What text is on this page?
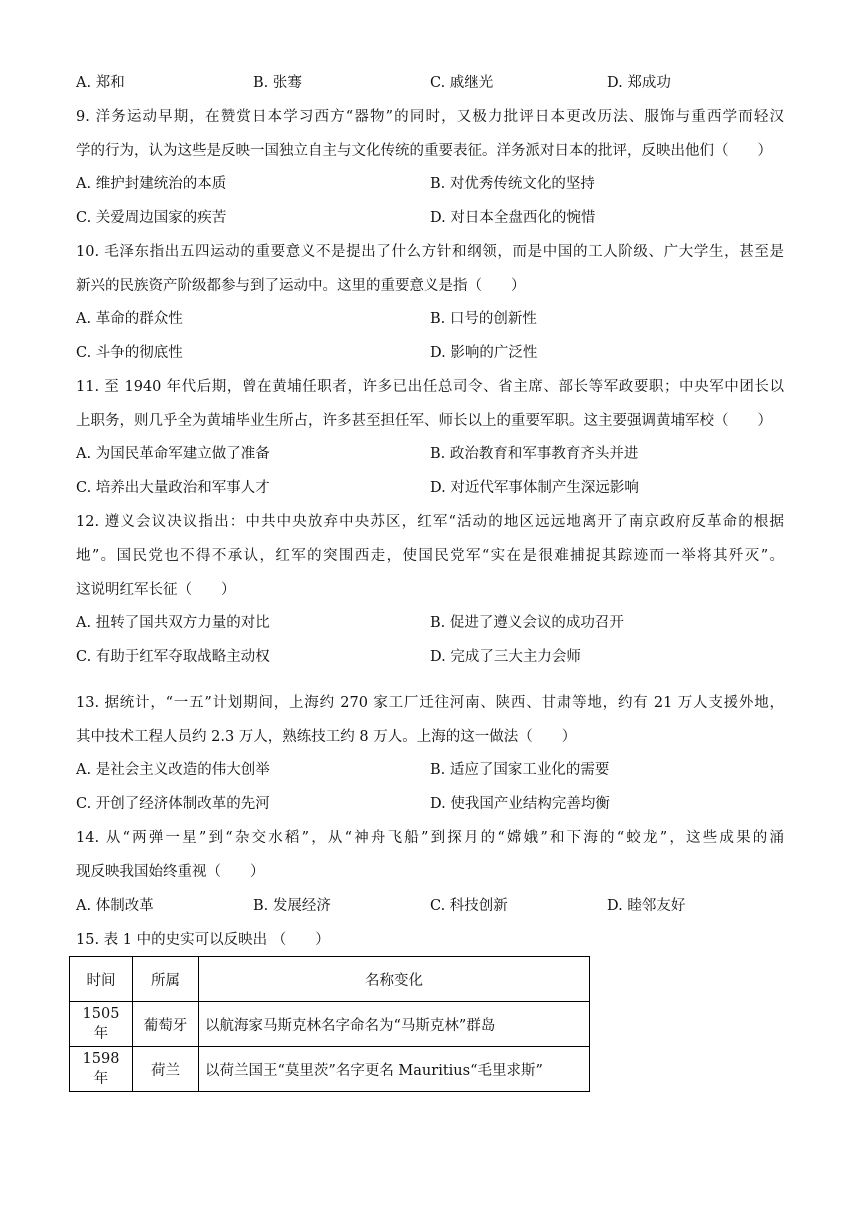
A. 郑和	B. 张骞	C. 戚继光	D. 郑成功
9. 洋务运动早期，在赞赏日本学习西方“器物”的同时，又极力批评日本更改历法、服饰与重西学而轻汉
学的行为，认为这些是反映一国独立自主与文化传统的重要表征。洋务派对日本的批评，反映出他们（　　）
A. 维护封建统治的本质	B. 对优秀传统文化的坚持
C. 关爱周边国家的疾苦	D. 对日本全盘西化的惋惜
10. 毛泽东指出五四运动的重要意义不是提出了什么方针和纲领，而是中国的工人阶级、广大学生，甚至是
新兴的民族资产阶级都参与到了运动中。这里的重要意义是指（　　）
A. 革命的群众性	B. 口号的创新性
C. 斗争的彻底性	D. 影响的广泛性
11. 至 1940 年代后期，曾在黄埔任职者，许多已出任总司令、省主席、部长等军政要职；中央军中团长以
上职务，则几乎全为黄埔毕业生所占，许多甚至担任军、师长以上的重要军职。这主要强调黄埔军校（　　）
A. 为国民革命军建立做了准备	B. 政治教育和军事教育齐头并进
C. 培养出大量政治和军事人才	D. 对近代军事体制产生深远影响
12. 遵义会议决议指出：中共中央放弃中央苏区，红军“活动的地区远远地离开了南京政府反革命的根据
地”。国民党也不得不承认，红军的突围西走，使国民党军“实在是很难捕捉其踪迹而一举将其歼灭”。
这说明红军长征（　　）
A. 扭转了国共双方力量的对比	B. 促进了遵义会议的成功召开
C. 有助于红军夺取战略主动权	D. 完成了三大主力会师
13. 据统计，“一五”计划期间，上海约 270 家工厂迁往河南、陕西、甘肃等地，约有 21 万人支援外地，
其中技术工程人员约 2.3 万人，熟练技工约 8 万人。上海的这一做法（　　）
A. 是社会主义改造的伟大创举	B. 适应了国家工业化的需要
C. 开创了经济体制改革的先河	D. 使我国产业结构完善均衡
14. 从“两弹一星”到“杂交水稻”，从“神舟飞船”到探月的“嫦娥”和下海的“蛟龙”，这些成果的涌
现反映我国始终重视（　　）
A. 体制改革	B. 发展经济	C. 科技创新	D. 睦邻友好
15. 表 1 中的史实可以反映出 （　　）
时间	所属	名称变化
1505 年	葡萄牙	以航海家马斯克林名字命名为“马斯克林”群岛
1598 年	荷兰	以荷兰国王“莫里茨”名字更名 Mauritius“毛里求斯”
